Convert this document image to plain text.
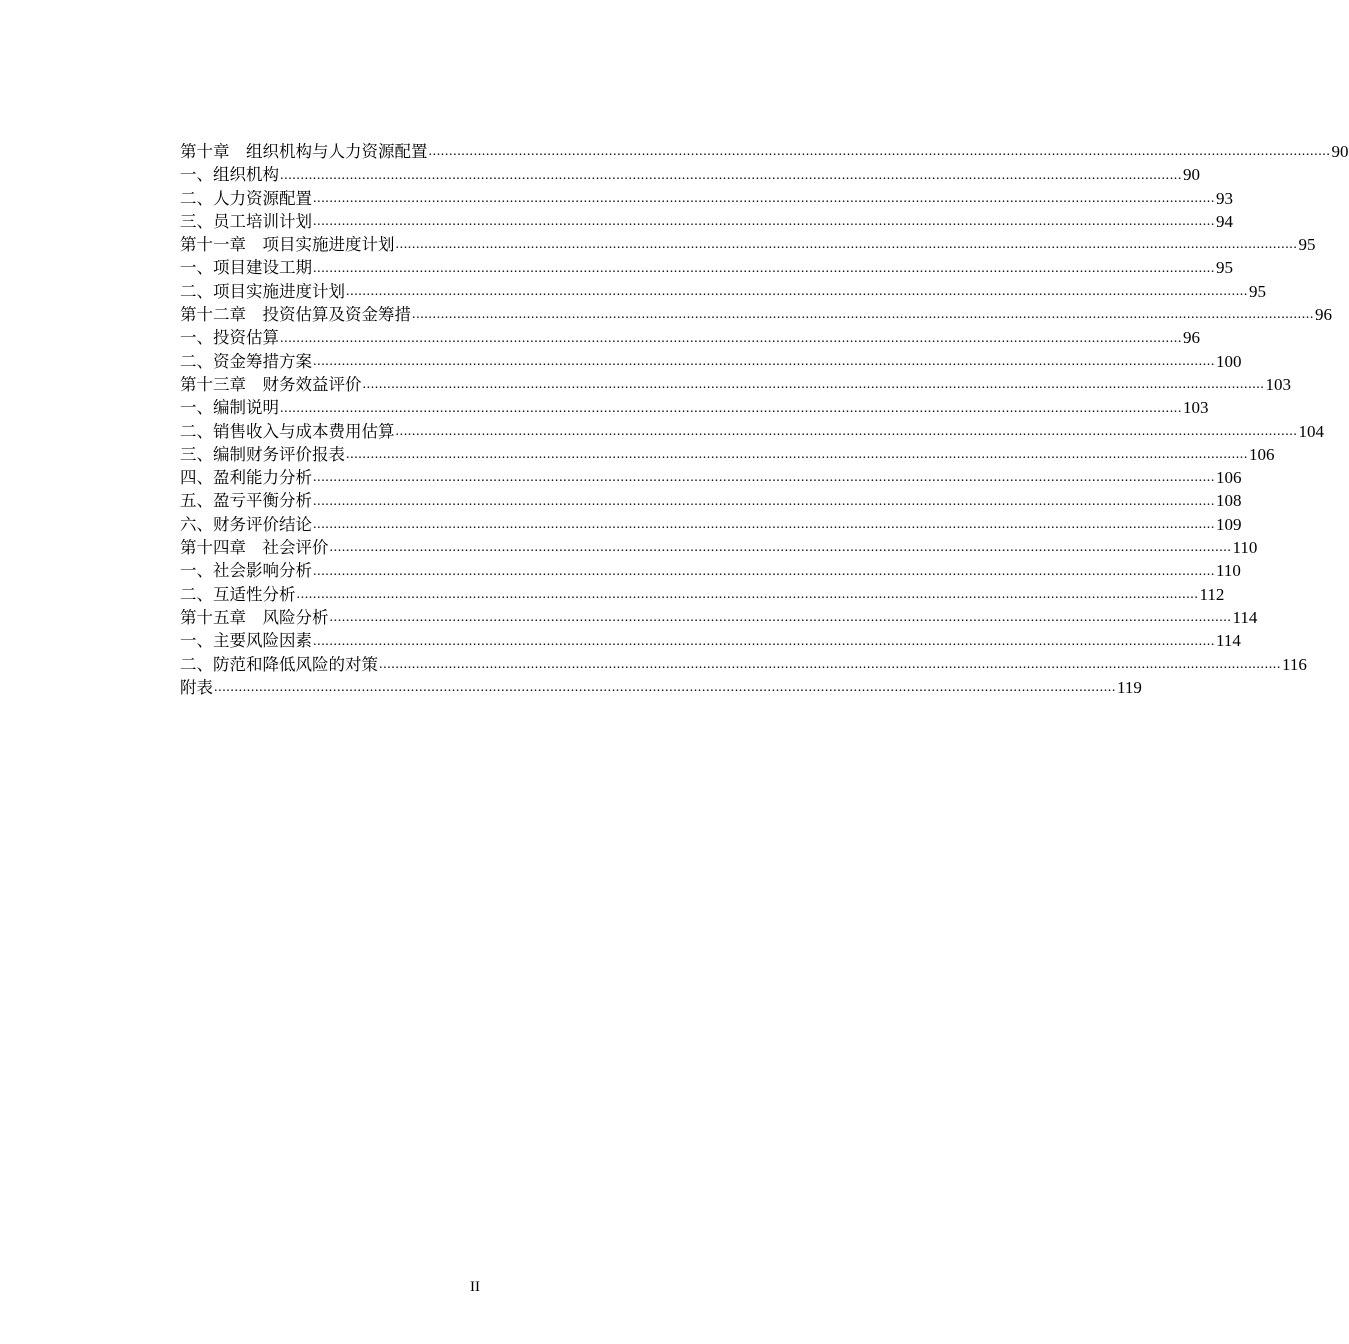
第十章　组织机构与人力资源配置 ............................................................................................................................................................................................................................ 90
一、组织机构 ............................................................................................................................................................................................................................ 90
二、人力资源配置 ............................................................................................................................................................................................................................ 93
三、员工培训计划 ............................................................................................................................................................................................................................ 94
第十一章　项目实施进度计划 ............................................................................................................................................................................................................................ 95
一、项目建设工期 ............................................................................................................................................................................................................................ 95
二、项目实施进度计划 ............................................................................................................................................................................................................................ 95
第十二章　投资估算及资金筹措 ............................................................................................................................................................................................................................ 96
一、投资估算 ............................................................................................................................................................................................................................ 96
二、资金筹措方案 ............................................................................................................................................................................................................................ 100
第十三章　财务效益评价 ............................................................................................................................................................................................................................ 103
一、编制说明 ............................................................................................................................................................................................................................ 103
二、销售收入与成本费用估算 ............................................................................................................................................................................................................................ 104
三、编制财务评价报表 ............................................................................................................................................................................................................................ 106
四、盈利能力分析 ............................................................................................................................................................................................................................ 106
五、盈亏平衡分析 ............................................................................................................................................................................................................................ 108
六、财务评价结论 ............................................................................................................................................................................................................................ 109
第十四章　社会评价 ............................................................................................................................................................................................................................ 110
一、社会影响分析 ............................................................................................................................................................................................................................ 110
二、互适性分析 ............................................................................................................................................................................................................................ 112
第十五章　风险分析 ............................................................................................................................................................................................................................ 114
一、主要风险因素 ............................................................................................................................................................................................................................ 114
二、防范和降低风险的对策 ............................................................................................................................................................................................................................ 116
附表 ............................................................................................................................................................................................................................ 119
II
